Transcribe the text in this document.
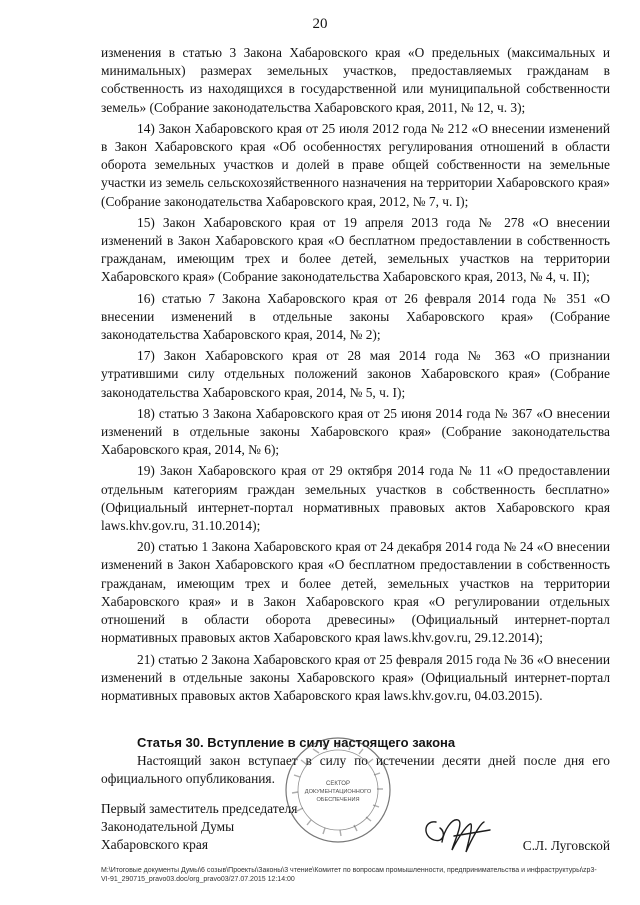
20

изменения в статью 3 Закона Хабаровского края «О предельных (максимальных и минимальных) размерах земельных участков, предоставляемых гражданам в собственность из находящихся в государственной или муниципальной собственности земель» (Собрание законодательства Хабаровского края, 2011, № 12, ч. 3);

14) Закон Хабаровского края от 25 июля 2012 года № 212 «О внесении изменений в Закон Хабаровского края «Об особенностях регулирования отношений в области оборота земельных участков и долей в праве общей собственности на земельные участки из земель сельскохозяйственного назначения на территории Хабаровского края» (Собрание законодательства Хабаровского края, 2012, № 7, ч. I);

15) Закон Хабаровского края от 19 апреля 2013 года № 278 «О внесении изменений в Закон Хабаровского края «О бесплатном предоставлении в собственность гражданам, имеющим трех и более детей, земельных участков на территории Хабаровского края» (Собрание законодательства Хабаровского края, 2013, № 4, ч. II);

16) статью 7 Закона Хабаровского края от 26 февраля 2014 года № 351 «О внесении изменений в отдельные законы Хабаровского края» (Собрание законодательства Хабаровского края, 2014, № 2);

17) Закон Хабаровского края от 28 мая 2014 года № 363 «О признании утратившими силу отдельных положений законов Хабаровского края» (Собрание законодательства Хабаровского края, 2014, № 5, ч. I);

18) статью 3 Закона Хабаровского края от 25 июня 2014 года № 367 «О внесении изменений в отдельные законы Хабаровского края» (Собрание законодательства Хабаровского края, 2014, № 6);

19) Закон Хабаровского края от 29 октября 2014 года № 11 «О предоставлении отдельным категориям граждан земельных участков в собственность бесплатно» (Официальный интернет-портал нормативных правовых актов Хабаровского края laws.khv.gov.ru, 31.10.2014);

20) статью 1 Закона Хабаровского края от 24 декабря 2014 года № 24 «О внесении изменений в Закон Хабаровского края «О бесплатном предоставлении в собственность гражданам, имеющим трех и более детей, земельных участков на территории Хабаровского края» и в Закон Хабаровского края «О регулировании отдельных отношений в области оборота древесины» (Официальный интернет-портал нормативных правовых актов Хабаровского края laws.khv.gov.ru, 29.12.2014);

21) статью 2 Закона Хабаровского края от 25 февраля 2015 года № 36 «О внесении изменений в отдельные законы Хабаровского края» (Официальный интернет-портал нормативных правовых актов Хабаровского края laws.khv.gov.ru, 04.03.2015).

Статья 30. Вступление в силу настоящего закона

Настоящий закон вступает в силу по истечении десяти дней после дня его официального опубликования.

Первый заместитель председателя
Законодательной Думы
Хабаровского края	С.Л. Луговской
СЕКТОР
ДОКУМЕНТАЦИОННОГО
ОБЕСПЕЧЕНИЯ
М:\Итоговые документы Думы\6 созыв\Проекты\Законы\3 чтение\Комитет по вопросам промышленности, предпринимательства и инфраструктуры\zp3-
VI-91_290715_pravo03.doc/org_pravo03/27.07.2015 12:14:00
